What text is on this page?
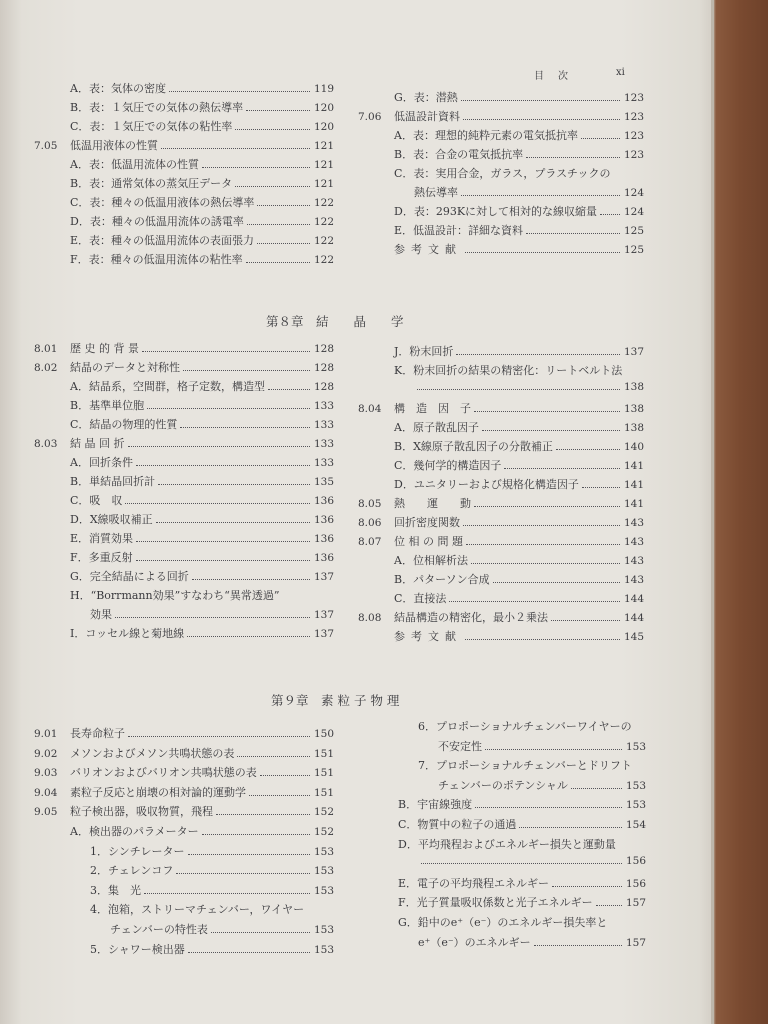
目　次	xi
A．表：気体の密度	119
B．表：１気圧での気体の熱伝導率	120
C．表：１気圧での気体の粘性率	120
7.05	低温用液体の性質	121
A．表：低温用流体の性質	121
B．表：通常気体の蒸気圧データ	121
C．表：種々の低温用液体の熱伝導率	122
D．表：種々の低温用流体の誘電率	122
E．表：種々の低温用流体の表面張力	122
F．表：種々の低温用流体の粘性率	122
G．表：潜熱	123
7.06	低温設計資料	123
A．表：理想的純粋元素の電気抵抗率	123
B．表：合金の電気抵抗率	123
C．表：実用合金，ガラス，プラスチックの
熱伝導率	124
D．表：293Kに対して相対的な線収縮量	124
E．低温設計：詳細な資料	125
参考文献	125
第８章　結　　晶　　学
8.01	歴 史 的 背 景	128
8.02	結晶のデータと対称性	128
A．結晶系，空間群，格子定数，構造型	128
B．基準単位胞	133
C．結晶の物理的性質	133
8.03	結 晶 回 折	133
A．回折条件	133
B．単結晶回折計	135
C．吸　収	136
D．X線吸収補正	136
E．消質効果	136
F．多重反射	136
G．完全結晶による回折	137
H．“Borrmann効果”すなわち“異常透過”
効果	137
I．コッセル線と菊地線	137
J．粉末回折	137
K．粉末回折の結果の精密化：リートベルト法
138
8.04	構　造　因　子	138
A．原子散乱因子	138
B．X線原子散乱因子の分散補正	140
C．幾何学的構造因子	141
D．ユニタリーおよび規格化構造因子	141
8.05	熱　　運　　動	141
8.06	回折密度関数	143
8.07	位 相 の 問 題	143
A．位相解析法	143
B．パターソン合成	143
C．直接法	144
8.08	結晶構造の精密化，最小２乗法	144
参考文献	145
第９章　素 粒 子 物 理
9.01	長寿命粒子	150
9.02	メソンおよびメソン共鳴状態の表	151
9.03	バリオンおよびバリオン共鳴状態の表	151
9.04	素粒子反応と崩壊の相対論的運動学	151
9.05	粒子検出器，吸収物質，飛程	152
A．検出器のパラメーター	152
1．シンチレーター	153
2．チェレンコフ	153
3．集　光	153
4．泡箱，ストリーマチェンバー，ワイヤー
チェンバーの特性表	153
5．シャワー検出器	153
6．プロポーショナルチェンバーワイヤーの
不安定性	153
7．プロポーショナルチェンバーとドリフト
チェンバーのポテンシャル	153
B．宇宙線強度	153
C．物質中の粒子の通過	154
D．平均飛程およびエネルギー損失と運動量
156
E．電子の平均飛程エネルギー	156
F．光子質量吸収係数と光子エネルギー	157
G．鉛中のe⁺（e⁻）のエネルギー損失率と
e⁺（e⁻）のエネルギー	157
